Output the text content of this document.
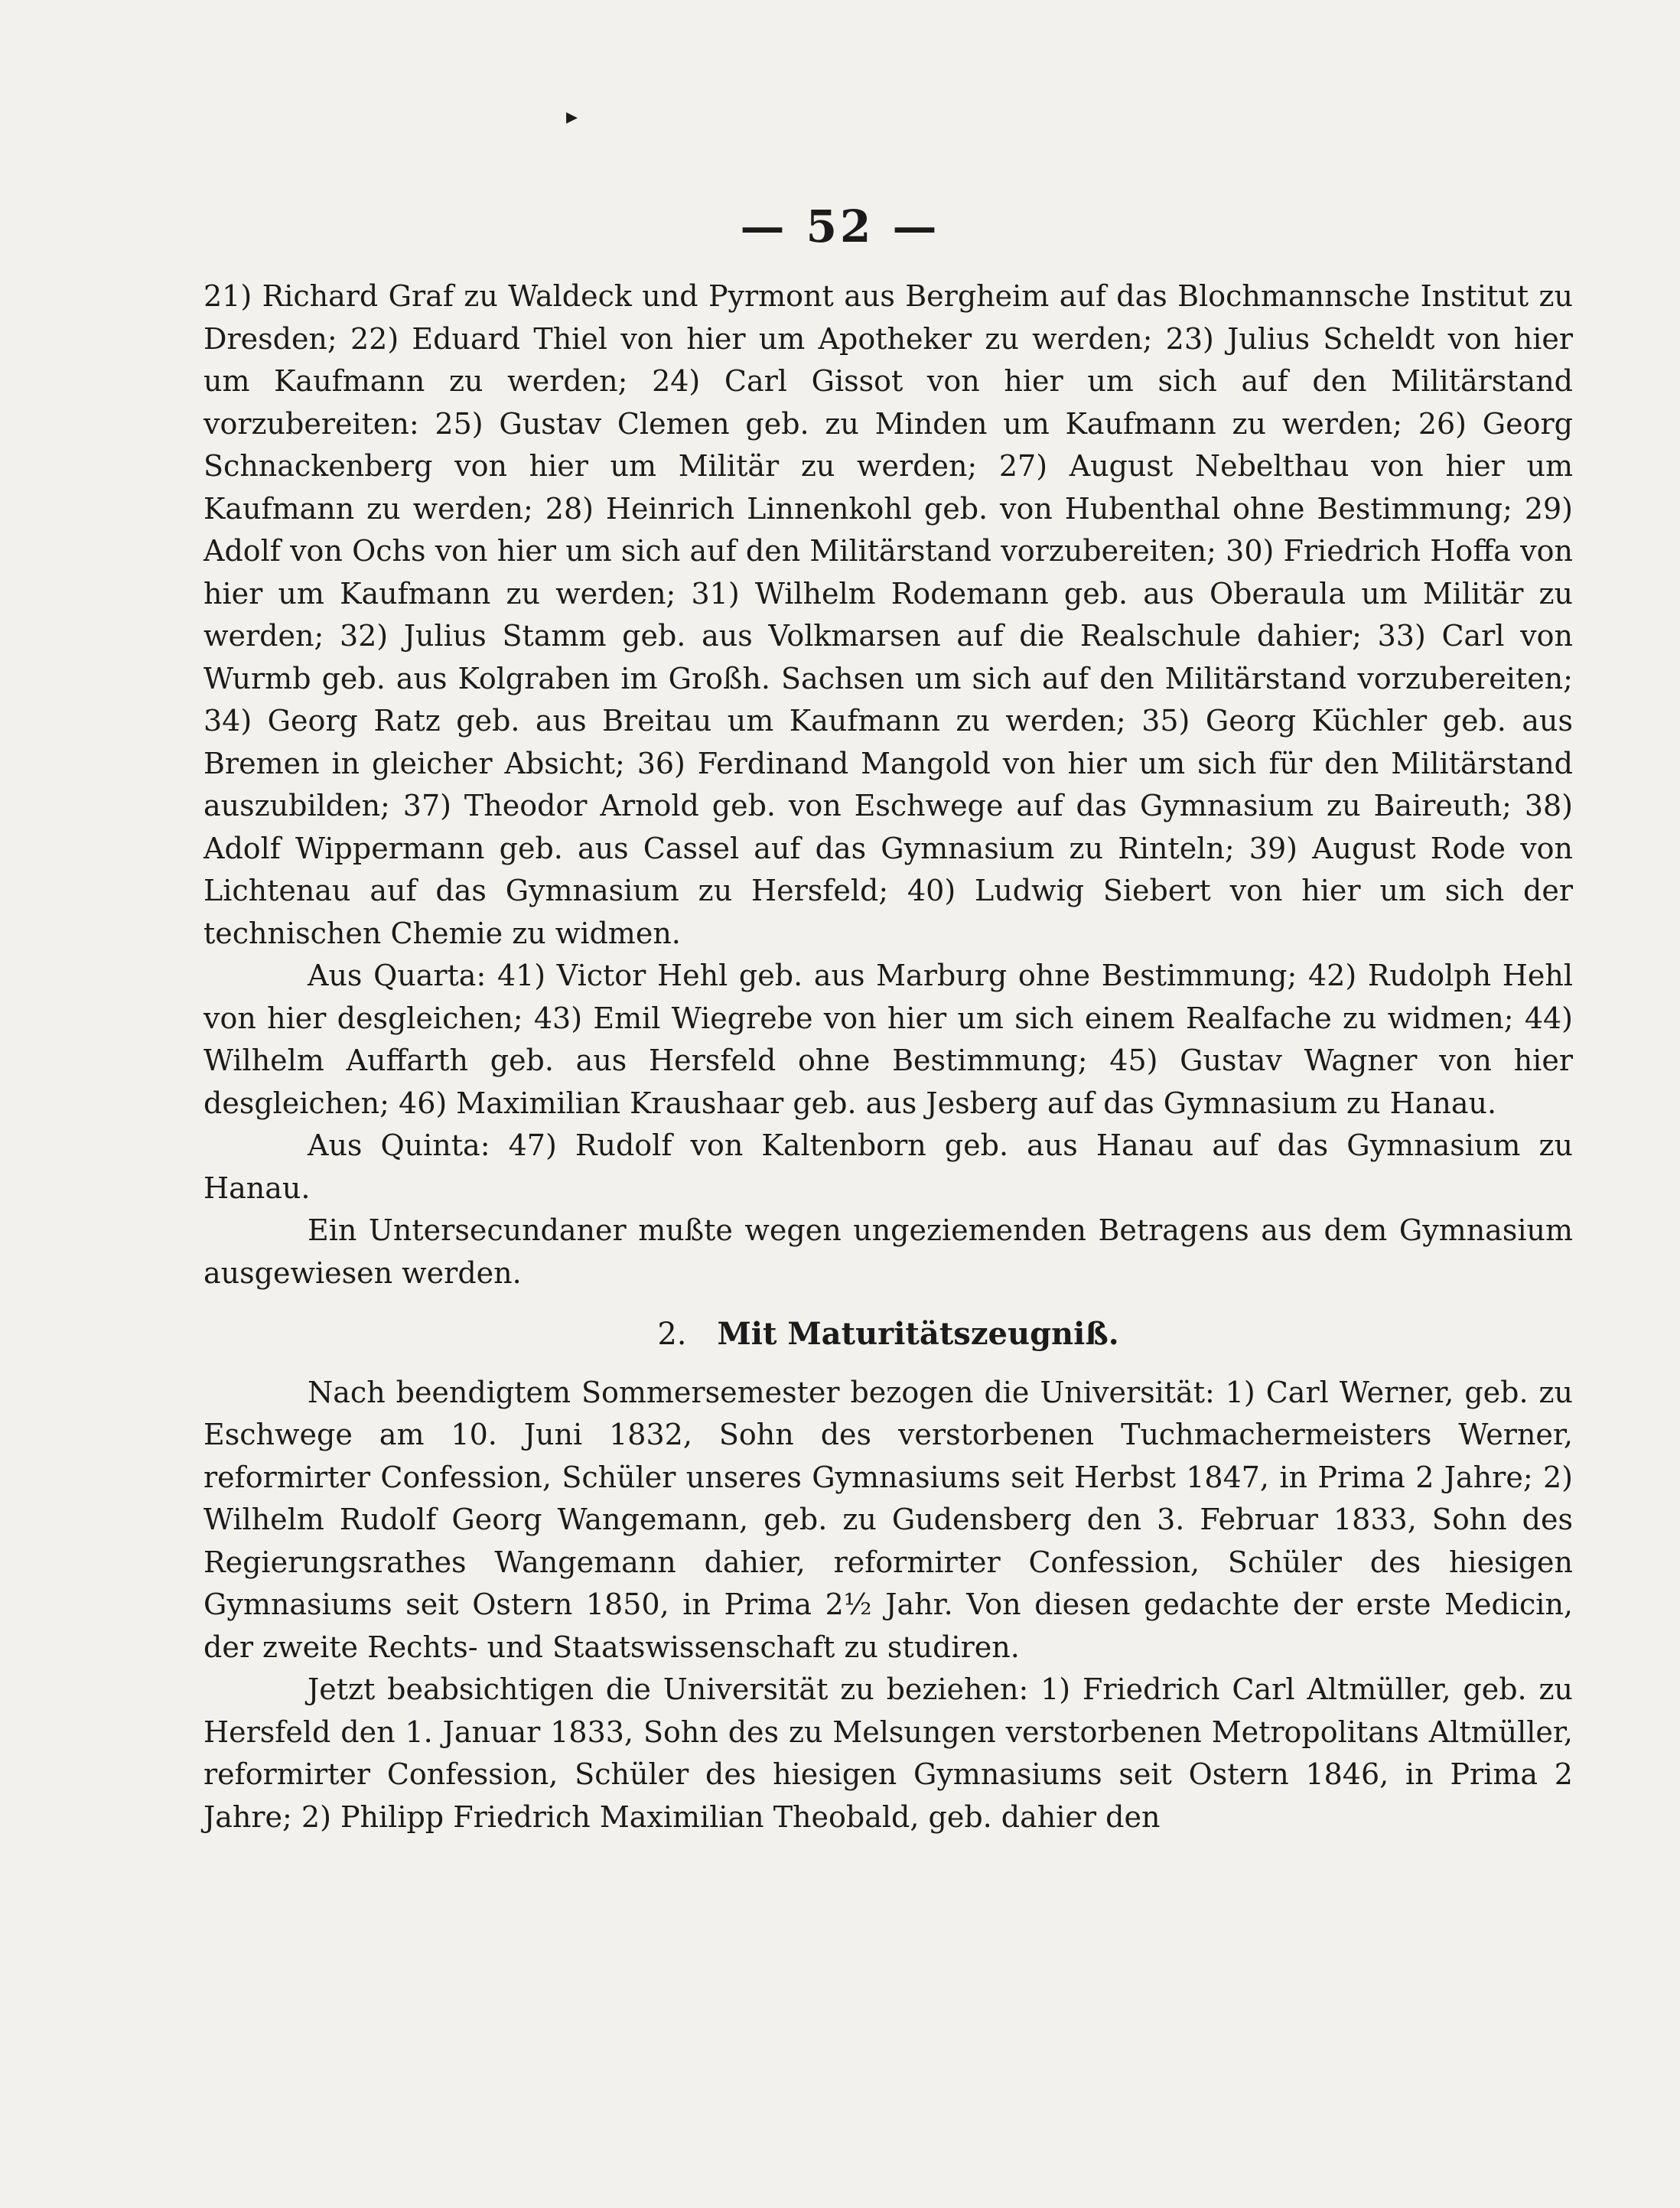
▸
— 52 —

21) Richard Graf zu Waldeck und Pyrmont aus Bergheim auf das Blochmannsche Institut zu Dresden; 22) Eduard Thiel von hier um Apotheker zu werden; 23) Julius Scheldt von hier um Kaufmann zu werden; 24) Carl Gissot von hier um sich auf den Militärstand vorzubereiten: 25) Gustav Clemen geb. zu Minden um Kaufmann zu werden; 26) Georg Schnackenberg von hier um Militär zu werden; 27) August Nebelthau von hier um Kaufmann zu werden; 28) Heinrich Linnenkohl geb. von Hubenthal ohne Bestimmung; 29) Adolf von Ochs von hier um sich auf den Militärstand vorzubereiten; 30) Friedrich Hoffa von hier um Kaufmann zu werden; 31) Wilhelm Rodemann geb. aus Oberaula um Militär zu werden; 32) Julius Stamm geb. aus Volkmarsen auf die Realschule dahier; 33) Carl von Wurmb geb. aus Kolgraben im Großh. Sachsen um sich auf den Militärstand vorzubereiten; 34) Georg Ratz geb. aus Breitau um Kaufmann zu werden; 35) Georg Küchler geb. aus Bremen in gleicher Absicht; 36) Ferdinand Mangold von hier um sich für den Militärstand auszubilden; 37) Theodor Arnold geb. von Eschwege auf das Gymnasium zu Baireuth; 38) Adolf Wippermann geb. aus Cassel auf das Gymnasium zu Rinteln; 39) August Rode von Lichtenau auf das Gymnasium zu Hersfeld; 40) Ludwig Siebert von hier um sich der technischen Chemie zu widmen.

Aus Quarta: 41) Victor Hehl geb. aus Marburg ohne Bestimmung; 42) Rudolph Hehl von hier desgleichen; 43) Emil Wiegrebe von hier um sich einem Realfache zu widmen; 44) Wilhelm Auffarth geb. aus Hersfeld ohne Bestimmung; 45) Gustav Wagner von hier desgleichen; 46) Maximilian Kraushaar geb. aus Jesberg auf das Gymnasium zu Hanau.

Aus Quinta: 47) Rudolf von Kaltenborn geb. aus Hanau auf das Gymnasium zu Hanau.

Ein Untersecundaner mußte wegen ungeziemenden Betragens aus dem Gymnasium ausgewiesen werden.

2. Mit Maturitätszeugniß.

Nach beendigtem Sommersemester bezogen die Universität: 1) Carl Werner, geb. zu Eschwege am 10. Juni 1832, Sohn des verstorbenen Tuchmachermeisters Werner, reformirter Confession, Schüler unseres Gymnasiums seit Herbst 1847, in Prima 2 Jahre; 2) Wilhelm Rudolf Georg Wangemann, geb. zu Gudensberg den 3. Februar 1833, Sohn des Regierungsrathes Wangemann dahier, reformirter Confession, Schüler des hiesigen Gymnasiums seit Ostern 1850, in Prima 2½ Jahr. Von diesen gedachte der erste Medicin, der zweite Rechts- und Staatswissenschaft zu studiren.

Jetzt beabsichtigen die Universität zu beziehen: 1) Friedrich Carl Altmüller, geb. zu Hersfeld den 1. Januar 1833, Sohn des zu Melsungen verstorbenen Metropolitans Altmüller, reformirter Confession, Schüler des hiesigen Gymnasiums seit Ostern 1846, in Prima 2 Jahre; 2) Philipp Friedrich Maximilian Theobald, geb. dahier den
